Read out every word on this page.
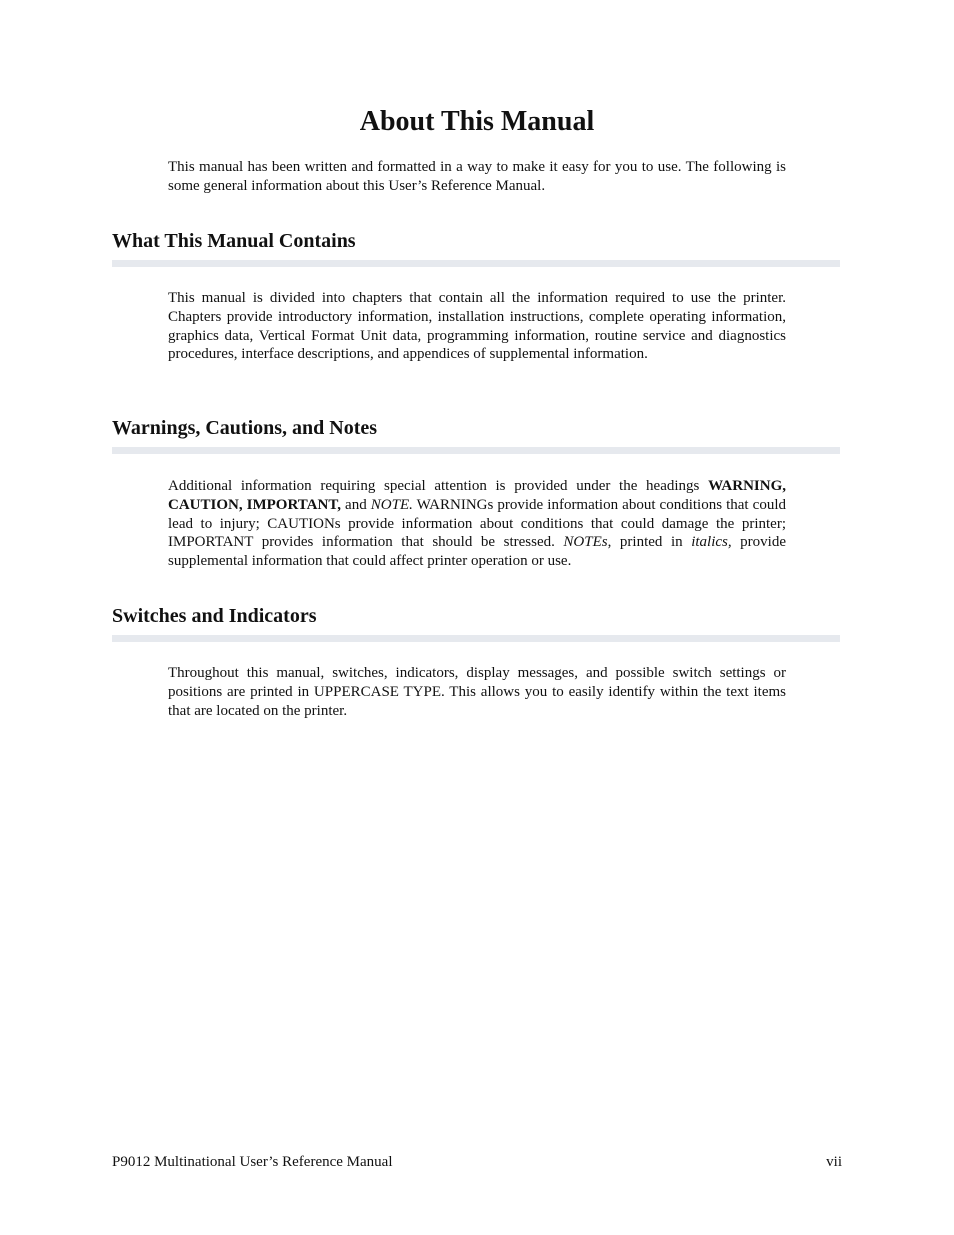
About This Manual

This manual has been written and formatted in a way to make it easy for you to use. The following is some general information about this User’s Reference Manual.

What This Manual Contains

This manual is divided into chapters that contain all the information required to use the printer. Chapters provide introductory information, installation instructions, complete operating information, graphics data, Vertical Format Unit data, programming information, routine service and diagnostics procedures, interface descriptions, and appendices of supplemental information.

Warnings, Cautions, and Notes

Additional information requiring special attention is provided under the headings WARNING, CAUTION, IMPORTANT, and NOTE. WARNINGs provide information about conditions that could lead to injury; CAUTIONs provide information about conditions that could damage the printer; IMPORTANT provides information that should be stressed. NOTEs, printed in italics, provide supplemental information that could affect printer operation or use.

Switches and Indicators

Throughout this manual, switches, indicators, display messages, and possible switch settings or positions are printed in UPPERCASE TYPE. This allows you to easily identify within the text items that are located on the printer.

P9012 Multinational User’s Reference Manual	vii
